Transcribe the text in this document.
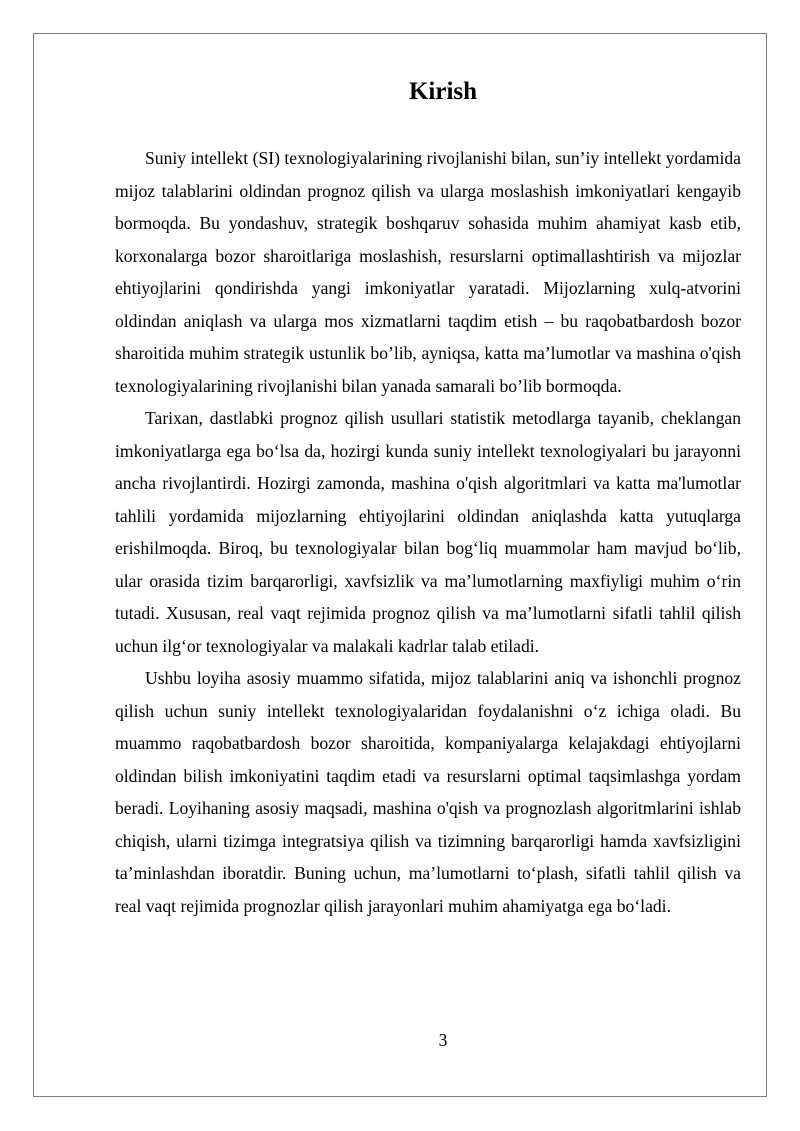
Kirish

Suniy intellekt (SI) texnologiyalarining rivojlanishi bilan, sun’iy intellekt yordamida mijoz talablarini oldindan prognoz qilish va ularga moslashish imkoniyatlari kengayib bormoqda. Bu yondashuv, strategik boshqaruv sohasida muhim ahamiyat kasb etib, korxonalarga bozor sharoitlariga moslashish, resurslarni optimallashtirish va mijozlar ehtiyojlarini qondirishda yangi imkoniyatlar yaratadi. Mijozlarning xulq-atvorini oldindan aniqlash va ularga mos xizmatlarni taqdim etish – bu raqobatbardosh bozor sharoitida muhim strategik ustunlik bo’lib, ayniqsa, katta ma’lumotlar va mashina o'qish texnologiyalarining rivojlanishi bilan yanada samarali bo’lib bormoqda.

Tarixan, dastlabki prognoz qilish usullari statistik metodlarga tayanib, cheklangan imkoniyatlarga ega bo‘lsa da, hozirgi kunda suniy intellekt texnologiyalari bu jarayonni ancha rivojlantirdi. Hozirgi zamonda, mashina o'qish algoritmlari va katta ma'lumotlar tahlili yordamida mijozlarning ehtiyojlarini oldindan aniqlashda katta yutuqlarga erishilmoqda. Biroq, bu texnologiyalar bilan bog‘liq muammolar ham mavjud bo‘lib, ular orasida tizim barqarorligi, xavfsizlik va ma’lumotlarning maxfiyligi muhim o‘rin tutadi. Xususan, real vaqt rejimida prognoz qilish va ma’lumotlarni sifatli tahlil qilish uchun ilg‘or texnologiyalar va malakali kadrlar talab etiladi.

Ushbu loyiha asosiy muammo sifatida, mijoz talablarini aniq va ishonchli prognoz qilish uchun suniy intellekt texnologiyalaridan foydalanishni o‘z ichiga oladi. Bu muammo raqobatbardosh bozor sharoitida, kompaniyalarga kelajakdagi ehtiyojlarni oldindan bilish imkoniyatini taqdim etadi va resurslarni optimal taqsimlashga yordam beradi. Loyihaning asosiy maqsadi, mashina o'qish va prognozlash algoritmlarini ishlab chiqish, ularni tizimga integratsiya qilish va tizimning barqarorligi hamda xavfsizligini ta’minlashdan iboratdir. Buning uchun, ma’lumotlarni to‘plash, sifatli tahlil qilish va real vaqt rejimida prognozlar qilish jarayonlari muhim ahamiyatga ega bo‘ladi.

3
